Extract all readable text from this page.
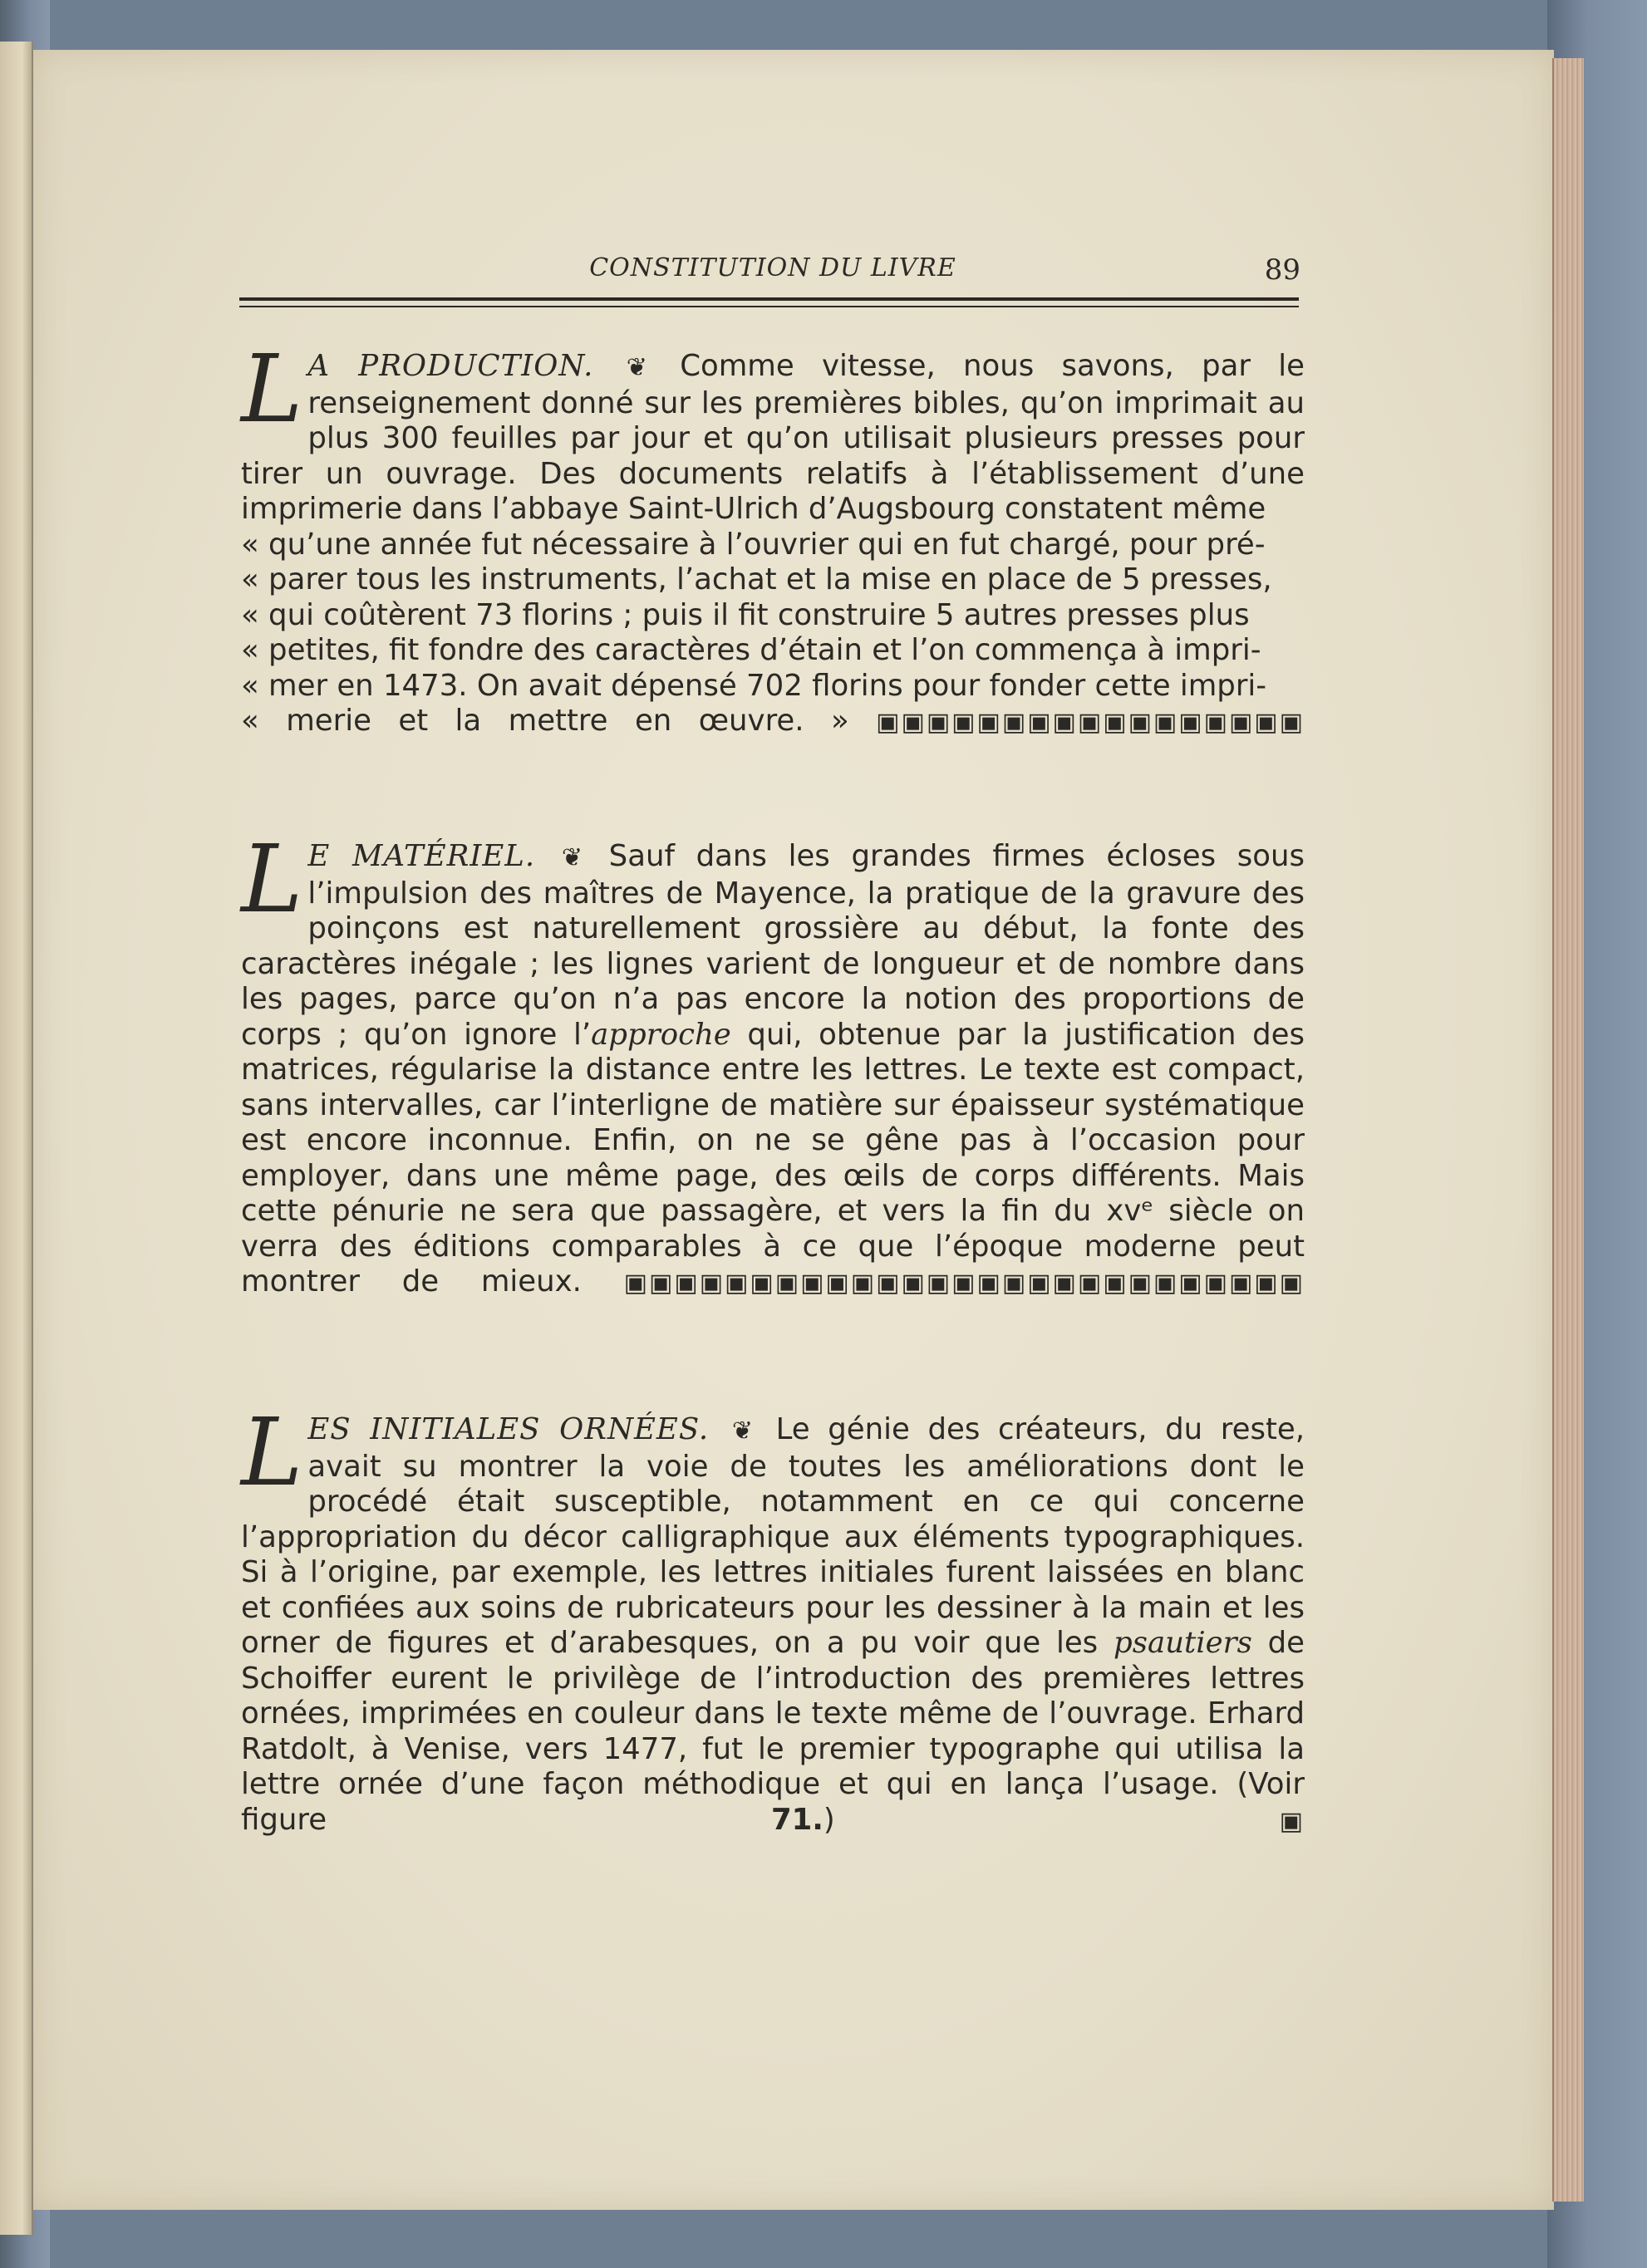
CONSTITUTION DU LIVRE	89
L A PRODUCTION. ❦ Comme vitesse, nous savons, par le renseignement donné sur les premières bibles, qu’on imprimait au plus 300 feuilles par jour et qu’on utilisait plusieurs presses pour tirer un ouvrage. Des documents relatifs à l’établissement d’une imprimerie dans l’abbaye Saint-Ulrich d’Augsbourg constatent même
« qu’une année fut nécessaire à l’ouvrier qui en fut chargé, pour pré-
« parer tous les instruments, l’achat et la mise en place de 5 presses,
« qui coûtèrent 73 florins ; puis il fit construire 5 autres presses plus
« petites, fit fondre des caractères d’étain et l’on commença à impri-
« mer en 1473. On avait dépensé 702 florins pour fonder cette impri-
« merie et la mettre en œuvre. » ▣▣▣▣▣▣▣▣▣▣▣▣▣▣▣▣▣
L E MATÉRIEL. ❦ Sauf dans les grandes firmes écloses sous l’impulsion des maîtres de Mayence, la pratique de la gravure des poinçons est naturellement grossière au début, la fonte des caractères inégale ; les lignes varient de longueur et de nombre dans les pages, parce qu’on n’a pas encore la notion des proportions de corps ; qu’on ignore l’approche qui, obtenue par la justification des matrices, régularise la distance entre les lettres. Le texte est compact, sans intervalles, car l’interligne de matière sur épaisseur systématique est encore inconnue. Enfin, on ne se gêne pas à l’occasion pour employer, dans une même page, des œils de corps différents. Mais cette pénurie ne sera que passagère, et vers la fin du xvᵉ siècle on verra des éditions comparables à ce que l’époque moderne peut montrer de mieux. ▣▣▣▣▣▣▣▣▣▣▣▣▣▣▣▣▣▣▣▣▣▣▣▣▣▣▣
L ES INITIALES ORNÉES. ❦ Le génie des créateurs, du reste, avait su montrer la voie de toutes les améliorations dont le procédé était susceptible, notamment en ce qui concerne l’appropriation du décor calligraphique aux éléments typographiques. Si à l’origine, par exemple, les lettres initiales furent laissées en blanc et confiées aux soins de rubricateurs pour les dessiner à la main et les orner de figures et d’arabesques, on a pu voir que les psautiers de Schoiffer eurent le privilège de l’introduction des premières lettres ornées, imprimées en couleur dans le texte même de l’ouvrage. Erhard Ratdolt, à Venise, vers 1477, fut le premier typographe qui utilisa la lettre ornée d’une façon méthodique et qui en lança l’usage. (Voir figure 71.)	▣
